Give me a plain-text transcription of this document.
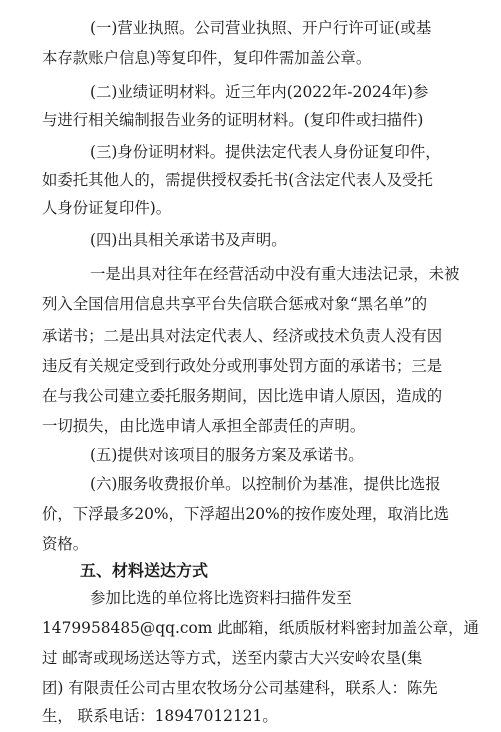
(一)营业执照。公司营业执照、开户行许可证(或基
本存款账户信息)等复印件，复印件需加盖公章。
(二)业绩证明材料。近三年内(2022年-2024年)参
与进行相关编制报告业务的证明材料。(复印件或扫描件)
(三)身份证明材料。提供法定代表人身份证复印件，
如委托其他人的，需提供授权委托书(含法定代表人及受托
人身份证复印件)。
(四)出具相关承诺书及声明。
一是出具对往年在经营活动中没有重大违法记录，未被
列入全国信用信息共享平台失信联合惩戒对象“黑名单”的
承诺书；二是出具对法定代表人、经济或技术负责人没有因
违反有关规定受到行政处分或刑事处罚方面的承诺书；三是
在与我公司建立委托服务期间，因比选申请人原因，造成的
一切损失，由比选申请人承担全部责任的声明。
(五)提供对该项目的服务方案及承诺书。
(六)服务收费报价单。以控制价为基准，提供比选报
价，下浮最多20%，下浮超出20%的按作废处理，取消比选
资格。
五、材料送达方式
参加比选的单位将比选资料扫描件发至
1479958485@qq.com 此邮箱，纸质版材料密封加盖公章，通
过 邮寄或现场送达等方式，送至内蒙古大兴安岭农垦(集
团) 有限责任公司古里农牧场分公司基建科，联系人：陈先
生， 联系电话：18947012121。
